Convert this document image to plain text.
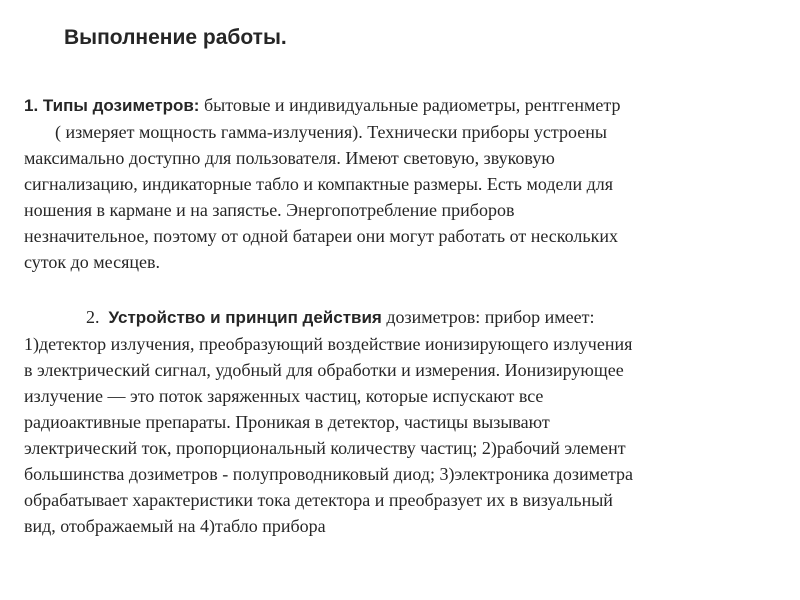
Выполнение работы.
1. Типы дозиметров: бытовые и индивидуальные радиометры, рентгенметр
( измеряет мощность гамма-излучения). Технически приборы устроены
максимально доступно для пользователя. Имеют световую, звуковую
сигнализацию, индикаторные табло и компактные размеры. Есть модели для
ношения в кармане и на запястье. Энергопотребление приборов
незначительное, поэтому от одной батареи они могут работать от нескольких
суток до месяцев.
2. Устройство и принцип действия дозиметров: прибор имеет:
1)детектор излучения, преобразующий воздействие ионизирующего излучения
в электрический сигнал, удобный для обработки и измерения. Ионизирующее
излучение — это поток заряженных частиц, которые испускают все
радиоактивные препараты. Проникая в детектор, частицы вызывают
электрический ток, пропорциональный количеству частиц; 2)рабочий элемент
большинства дозиметров - полупроводниковый диод; 3)электроника дозиметра
обрабатывает характеристики тока детектора и преобразует их в визуальный
вид, отображаемый на 4)табло прибора
